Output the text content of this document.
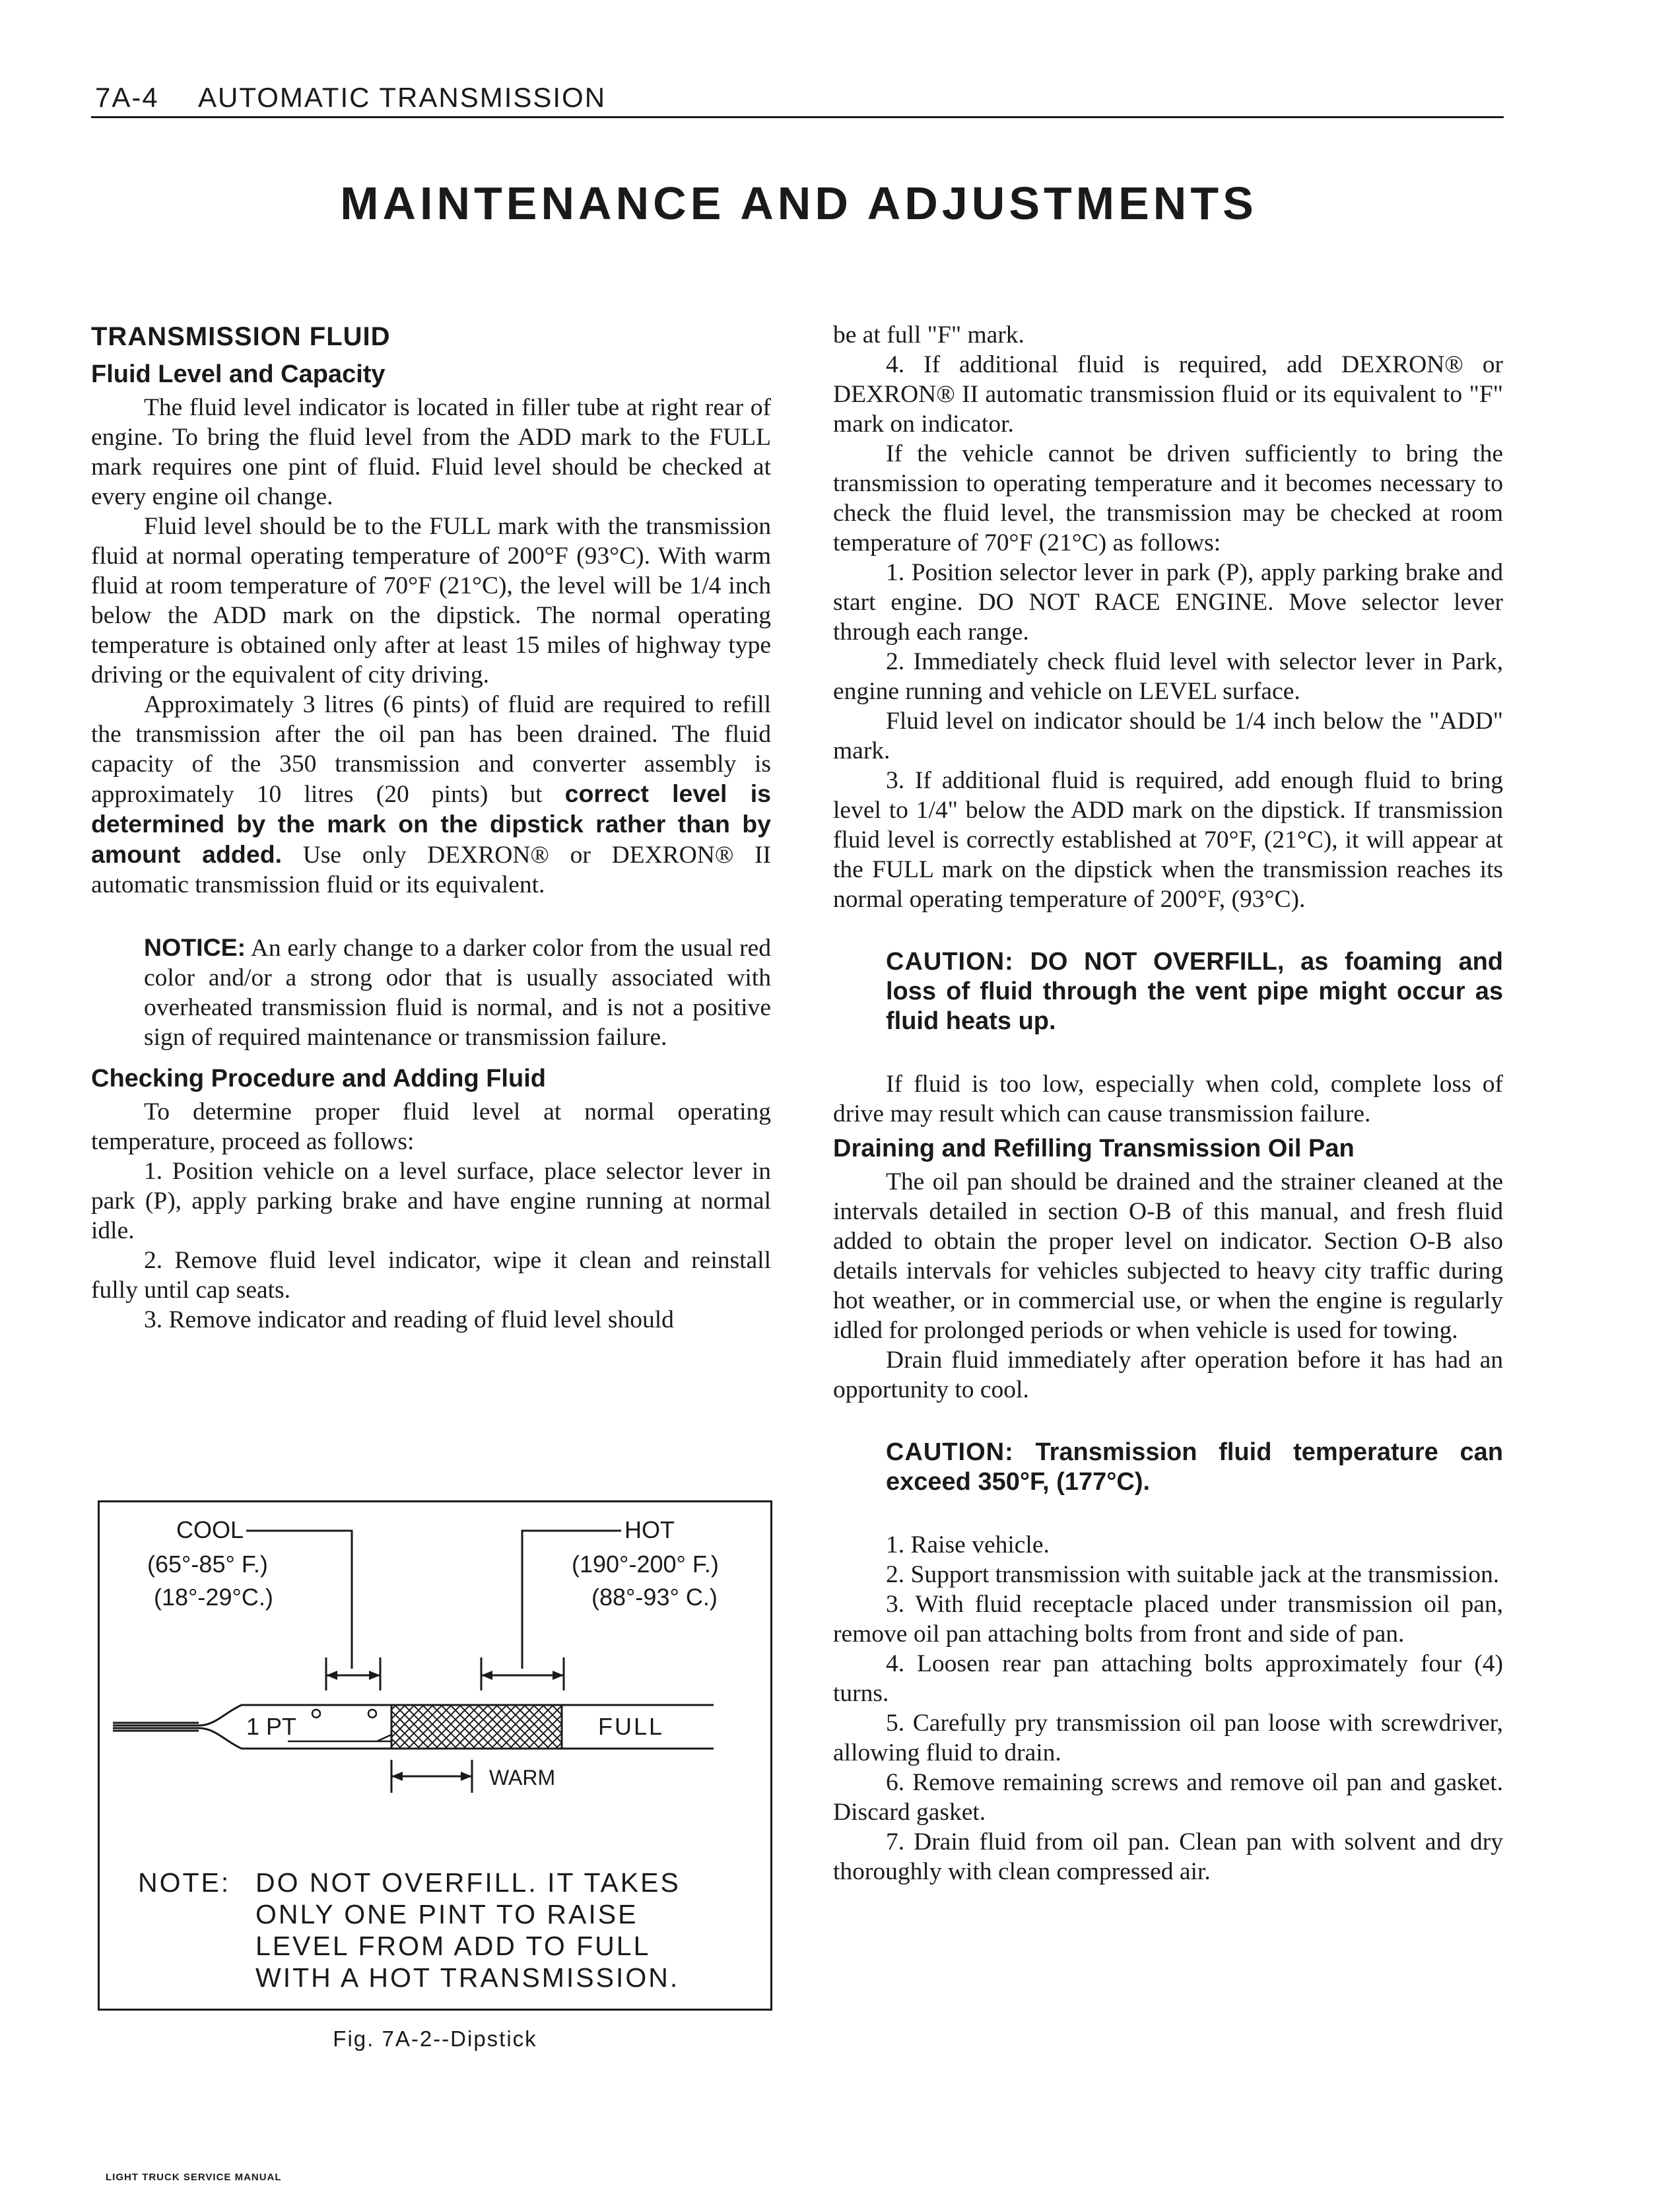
7A-4 AUTOMATIC TRANSMISSION
MAINTENANCE AND ADJUSTMENTS
TRANSMISSION FLUID
Fluid Level and Capacity

The fluid level indicator is located in filler tube at right rear of engine. To bring the fluid level from the ADD mark to the FULL mark requires one pint of fluid. Fluid level should be checked at every engine oil change.

Fluid level should be to the FULL mark with the transmission fluid at normal operating temperature of 200°F (93°C). With warm fluid at room temperature of 70°F (21°C), the level will be 1/4 inch below the ADD mark on the dipstick. The normal operating temperature is obtained only after at least 15 miles of highway type driving or the equivalent of city driving.

Approximately 3 litres (6 pints) of fluid are required to refill the transmission after the oil pan has been drained. The fluid capacity of the 350 transmission and converter assembly is approximately 10 litres (20 pints) but correct level is determined by the mark on the dipstick rather than by amount added. Use only DEXRON® or DEXRON® II automatic transmission fluid or its equivalent.

NOTICE: An early change to a darker color from the usual red color and/or a strong odor that is usually associated with overheated transmission fluid is normal, and is not a positive sign of required maintenance or transmission failure.
Checking Procedure and Adding Fluid

To determine proper fluid level at normal operating temperature, proceed as follows:

1. Position vehicle on a level surface, place selector lever in park (P), apply parking brake and have engine running at normal idle.

2. Remove fluid level indicator, wipe it clean and reinstall fully until cap seats.

3. Remove indicator and reading of fluid level should

COOL
(65°-85° F.)
(18°-29°C.)
HOT
(190°-200° F.)
(88°-93° C.)
1 PT	FULL
WARM
NOTE: DO NOT OVERFILL. IT TAKES
ONLY ONE PINT TO RAISE
LEVEL FROM ADD TO FULL
WITH A HOT TRANSMISSION.
Fig. 7A-2--Dipstick

be at full "F" mark.

4. If additional fluid is required, add DEXRON® or DEXRON® II automatic transmission fluid or its equivalent to "F" mark on indicator.

If the vehicle cannot be driven sufficiently to bring the transmission to operating temperature and it becomes necessary to check the fluid level, the transmission may be checked at room temperature of 70°F (21°C) as follows:

1. Position selector lever in park (P), apply parking brake and start engine. DO NOT RACE ENGINE. Move selector lever through each range.

2. Immediately check fluid level with selector lever in Park, engine running and vehicle on LEVEL surface.

Fluid level on indicator should be 1/4 inch below the "ADD" mark.

3. If additional fluid is required, add enough fluid to bring level to 1/4" below the ADD mark on the dipstick. If transmission fluid level is correctly established at 70°F, (21°C), it will appear at the FULL mark on the dipstick when the transmission reaches its normal operating temperature of 200°F, (93°C).

CAUTION: DO NOT OVERFILL, as foaming and loss of fluid through the vent pipe might occur as fluid heats up.

If fluid is too low, especially when cold, complete loss of drive may result which can cause transmission failure.

Draining and Refilling Transmission Oil Pan

The oil pan should be drained and the strainer cleaned at the intervals detailed in section O-B of this manual, and fresh fluid added to obtain the proper level on indicator. Section O-B also details intervals for vehicles subjected to heavy city traffic during hot weather, or in commercial use, or when the engine is regularly idled for prolonged periods or when vehicle is used for towing.

Drain fluid immediately after operation before it has had an opportunity to cool.

CAUTION: Transmission fluid temperature can exceed 350°F, (177°C).

1. Raise vehicle.

2. Support transmission with suitable jack at the transmission.

3. With fluid receptacle placed under transmission oil pan, remove oil pan attaching bolts from front and side of pan.

4. Loosen rear pan attaching bolts approximately four (4) turns.

5. Carefully pry transmission oil pan loose with screwdriver, allowing fluid to drain.

6. Remove remaining screws and remove oil pan and gasket. Discard gasket.

7. Drain fluid from oil pan. Clean pan with solvent and dry thoroughly with clean compressed air.

LIGHT TRUCK SERVICE MANUAL
